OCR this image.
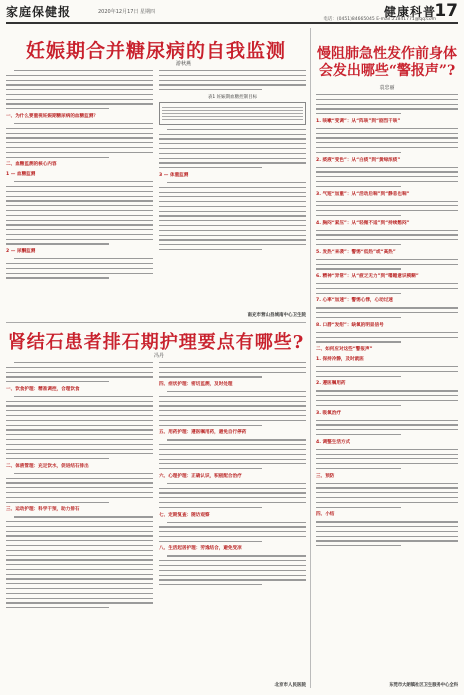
家庭保健报	2020年12月17日 星期四	健康科普
17
电话：(0451)84665045 E-mail:21841771@qq.com
妊娠期合并糖尿病的自我监测
游秋燕
一、为什么要重视妊娠期糖尿病的血糖监测？
二、血糖监测的核心内容
1 — 血糖监测
2 — 尿酮监测
表1 妊娠期血糖控制目标
3 — 体重监测
南充市营山县城南中心卫生院
肾结石患者排石期护理要点有哪些?
冯丹
一、饮食护理：精准调控，合理饮食
二、体液管理：充足饮水，促进结石排出
三、运动护理：科学干预，助力排石
四、症状护理：密切监测，及时处理
五、用药护理：遵医嘱用药，避免自行停药
六、心理护理：正确认识，积极配合治疗
七、定期复查：随访观察
八、生活起居护理：劳逸结合，避免受凉
北京市人民医院
慢阻肺急性发作前身体会发出哪些“警报声”?
袁忠丽
1. 咳嗽“变调”：从“阵咳”到“剧烈干咳”
2. 痰液“变色”：从“白痰”到“黄绿浓痰”
3. 气短“加重”：从“活动后喘”到“静息也喘”
4. 胸闷“紧压”：从“轻微不适”到“持续憋闷”
5. 发热“来袭”：警惕“低热”或“高热”
6. 精神“异常”：从“疲乏无力”到“嗜睡意识模糊”
7. 心率“加速”：警惕心悸，心动过速
8. 口唇“发绀”：缺氧的明显信号
二、如何应对这些“警报声”
1. 保持冷静，及时就医
2. 遵医嘱用药
3. 吸氧治疗
4. 调整生活方式
三、预防
四、小结
东莞市大朗镇社区卫生服务中心全科
